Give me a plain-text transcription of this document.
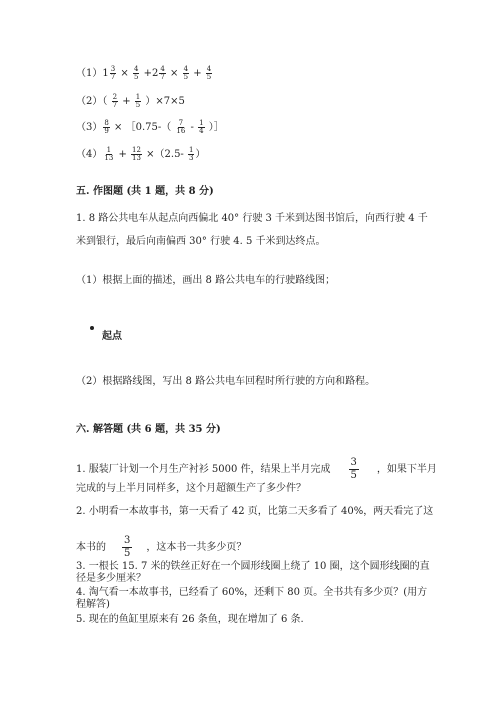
$(1)1 \frac{3}{7} \times \frac{4}{5} +2 \frac{4}{7} \times \frac{4}{5} + \frac{4}{5}$
$(2)( \frac{2}{7} + \frac{1}{5} )\times 7\times 5$
$(3) \frac{8}{9}$ × ［0.75-（ $\frac{7}{16} - \frac{1}{4}$ ）］
$(4) \frac{1}{13} + \frac{12}{13} \times(2.5- \frac{1}{3}$ ）
五. 作图题 (共 1 题，共 8 分)
1. 8 路公共电车从起点向西偏北 40° 行驶 3 千米到达图书馆后，向西行驶 4 千
米到银行，最后向南偏西 30° 行驶 4. 5 千米到达终点。
（1）根据上面的描述，画出 8 路公共电车的行驶路线图；
起点
（2）根据路线图，写出 8 路公共电车回程时所行驶的方向和路程。
六. 解答题 (共 6 题，共 35 分)
1. 服装厂计划一个月生产衬衫 5000 件，结果上半月完成 $\frac{3}{5}$ ，如果下半月
完成的与上半月同样多，这个月超额生产了多少件？
2. 小明看一本故事书，第一天看了 42 页，比第二天多看了 40%，两天看完了这
本书的 $\frac{3}{5}$ ，这本书一共多少页？
3. 一根长 15. 7 米的铁丝正好在一个圆形线圈上绕了 10 圈，这个圆形线圈的直
径是多少厘米？
4. 淘气看一本故事书，已经看了 60%，还剩下 80 页。全书共有多少页？(用方
程解答)
5. 现在的鱼缸里原来有 26 条鱼，现在增加了 6 条.
